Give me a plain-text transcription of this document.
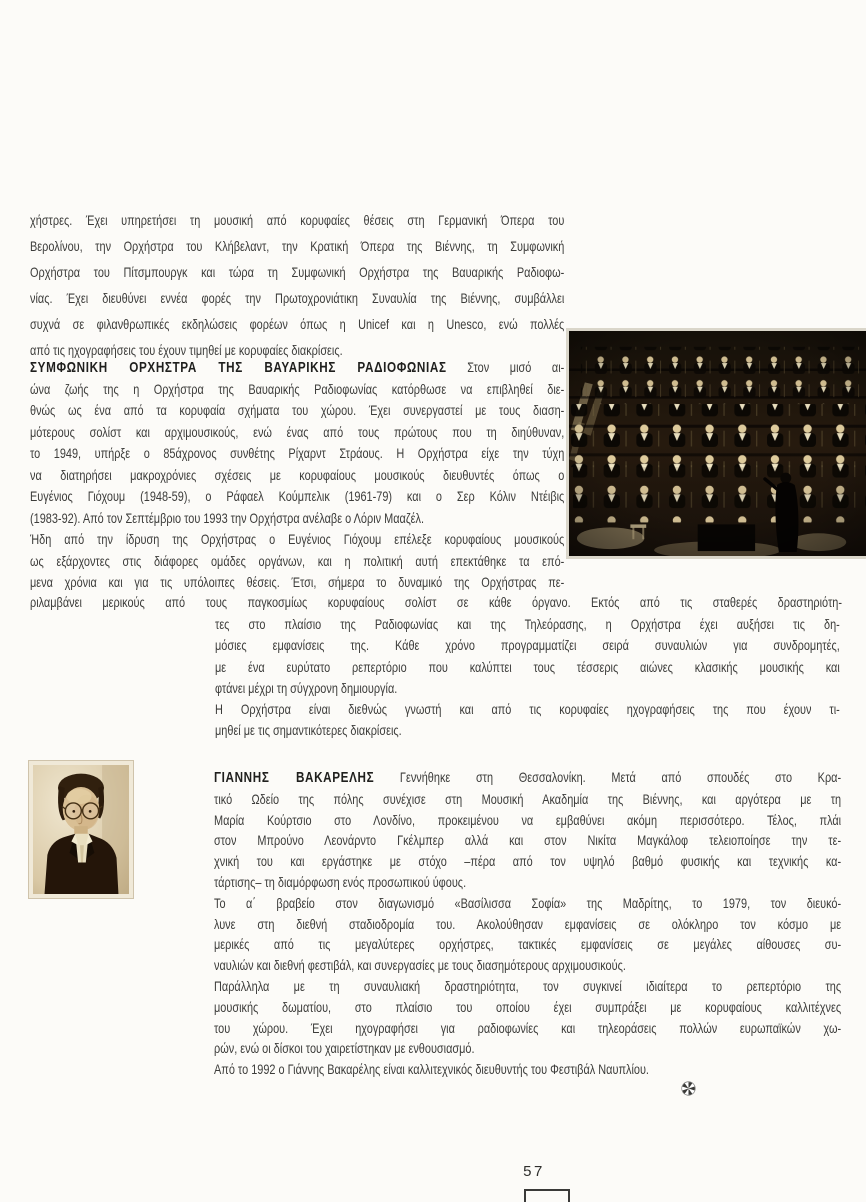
χήστρες. Έχει υπηρετήσει τη μουσική από κορυφαίες θέσεις στη Γερμανική Όπερα του
Βερολίνου, την Ορχήστρα του Κλήβελαντ, την Κρατική Όπερα της Βιέννης, τη Συμφωνική
Ορχήστρα του Πίτσμπουργκ και τώρα τη Συμφωνική Ορχήστρα της Βαυαρικής Ραδιοφω-
νίας. Έχει διευθύνει εννέα φορές την Πρωτοχρονιάτικη Συναυλία της Βιέννης, συμβάλλει
συχνά σε φιλανθρωπικές εκδηλώσεις φορέων όπως η Unicef και η Unesco, ενώ πολλές
από τις ηχογραφήσεις του έχουν τιμηθεί με κορυφαίες διακρίσεις.
ΣΥΜΦΩΝΙΚΗ ΟΡΧΗΣΤΡΑ ΤΗΣ ΒΑΥΑΡΙΚΗΣ ΡΑΔΙΟΦΩΝΙΑΣ Στον μισό αι-
ώνα ζωής της η Ορχήστρα της Βαυαρικής Ραδιοφωνίας κατόρθωσε να επιβληθεί διε-
θνώς ως ένα από τα κορυφαία σχήματα του χώρου. Έχει συνεργαστεί με τους διαση-
μότερους σολίστ και αρχιμουσικούς, ενώ ένας από τους πρώτους που τη διηύθυναν,
το 1949, υπήρξε ο 85άχρονος συνθέτης Ρίχαρντ Στράους. Η Ορχήστρα είχε την τύχη
να διατηρήσει μακροχρόνιες σχέσεις με κορυφαίους μουσικούς διευθυντές όπως ο
Ευγένιος Γιόχουμ (1948-59), ο Ράφαελ Κούμπελικ (1961-79) και ο Σερ Κόλιν Ντέιβις
(1983-92). Από τον Σεπτέμβριο του 1993 την Ορχήστρα ανέλαβε ο Λόριν Μααζέλ.
Ήδη από την ίδρυση της Ορχήστρας ο Ευγένιος Γιόχουμ επέλεξε κορυφαίους μουσικούς
ως εξάρχοντες στις διάφορες ομάδες οργάνων, και η πολιτική αυτή επεκτάθηκε τα επό-
μενα χρόνια και για τις υπόλοιπες θέσεις. Έτσι, σήμερα το δυναμικό της Ορχήστρας πε-
ριλαμβάνει μερικούς από τους παγκοσμίως κορυφαίους σολίστ σε κάθε όργανο. Εκτός από τις σταθερές δραστηριότη-
τες στο πλαίσιο της Ραδιοφωνίας και της Τηλεόρασης, η Ορχήστρα έχει αυξήσει τις δη-
μόσιες εμφανίσεις της. Κάθε χρόνο προγραμματίζει σειρά συναυλιών για συνδρομητές,
με ένα ευρύτατο ρεπερτόριο που καλύπτει τους τέσσερις αιώνες κλασικής μουσικής και
φτάνει μέχρι τη σύγχρονη δημιουργία.
Η Ορχήστρα είναι διεθνώς γνωστή και από τις κορυφαίες ηχογραφήσεις της που έχουν τι-
μηθεί με τις σημαντικότερες διακρίσεις.
ΓΙΑΝΝΗΣ ΒΑΚΑΡΕΛΗΣ Γεννήθηκε στη Θεσσαλονίκη. Μετά από σπουδές στο Κρα-
τικό Ωδείο της πόλης συνέχισε στη Μουσική Ακαδημία της Βιέννης, και αργότερα με τη
Μαρία Κούρτσιο στο Λονδίνο, προκειμένου να εμβαθύνει ακόμη περισσότερο. Τέλος, πλάι
στον Μπρούνο Λεονάρντο Γκέλμπερ αλλά και στον Νικίτα Μαγκάλοφ τελειοποίησε την τε-
χνική του και εργάστηκε με στόχο –πέρα από τον υψηλό βαθμό φυσικής και τεχνικής κα-
τάρτισης– τη διαμόρφωση ενός προσωπικού ύφους.
Το α΄ βραβείο στον διαγωνισμό «Βασίλισσα Σοφία» της Μαδρίτης, το 1979, τον διευκό-
λυνε στη διεθνή σταδιοδρομία του. Ακολούθησαν εμφανίσεις σε ολόκληρο τον κόσμο με
μερικές από τις μεγαλύτερες ορχήστρες, τακτικές εμφανίσεις σε μεγάλες αίθουσες συ-
ναυλιών και διεθνή φεστιβάλ, και συνεργασίες με τους διασημότερους αρχιμουσικούς.
Παράλληλα με τη συναυλιακή δραστηριότητα, τον συγκινεί ιδιαίτερα το ρεπερτόριο της
μουσικής δωματίου, στο πλαίσιο του οποίου έχει συμπράξει με κορυφαίους καλλιτέχνες
του χώρου. Έχει ηχογραφήσει για ραδιοφωνίες και τηλεοράσεις πολλών ευρωπαϊκών χω-
ρών, ενώ οι δίσκοι του χαιρετίστηκαν με ενθουσιασμό.
Από το 1992 ο Γιάννης Βακαρέλης είναι καλλιτεχνικός διευθυντής του Φεστιβάλ Ναυπλίου.
57
